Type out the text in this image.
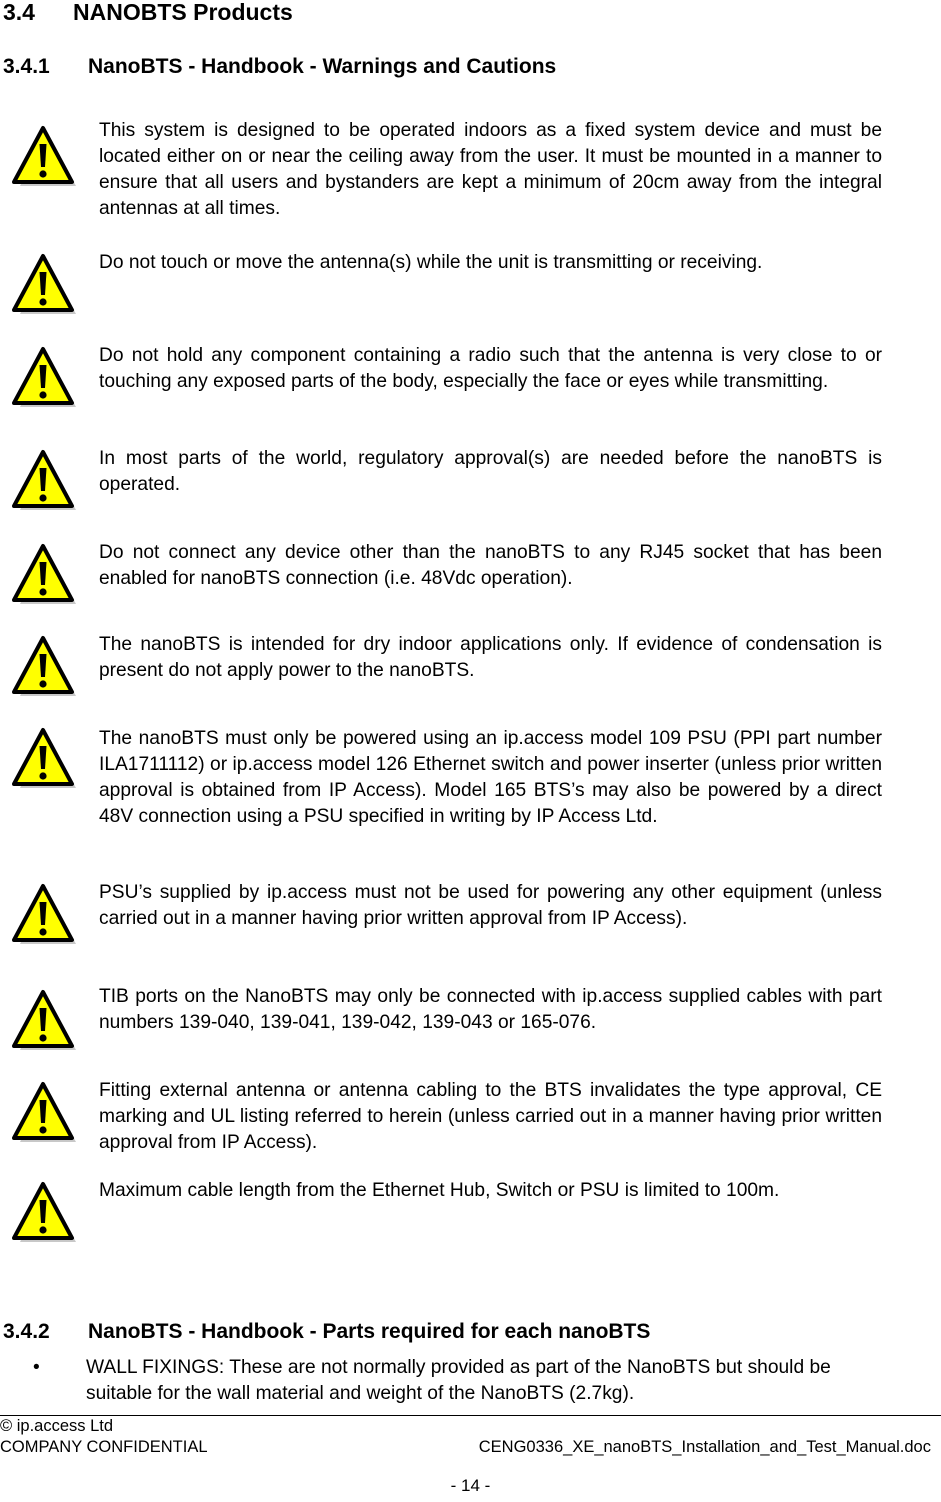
3.4 NANOBTS Products
3.4.1 NanoBTS - Handbook - Warnings and Cautions
This system is designed to be operated indoors as a fixed system device and must be located either on or near the ceiling away from the user. It must be mounted in a manner to ensure that all users and bystanders are kept a minimum of 20cm away from the integral antennas at all times.
Do not touch or move the antenna(s) while the unit is transmitting or receiving.
Do not hold any component containing a radio such that the antenna is very close to or touching any exposed parts of the body, especially the face or eyes while transmitting.
In most parts of the world, regulatory approval(s) are needed before the nanoBTS is operated.
Do not connect any device other than the nanoBTS to any RJ45 socket that has been enabled for nanoBTS connection (i.e. 48Vdc operation).
The nanoBTS is intended for dry indoor applications only. If evidence of condensation is present do not apply power to the nanoBTS.
The nanoBTS must only be powered using an ip.access model 109 PSU (PPI part number ILA1711112) or ip.access model 126 Ethernet switch and power inserter (unless prior written approval is obtained from IP Access). Model 165 BTS’s may also be powered by a direct 48V connection using a PSU specified in writing by IP Access Ltd.
PSU’s supplied by ip.access must not be used for powering any other equipment (unless carried out in a manner having prior written approval from IP Access).
TIB ports on the NanoBTS may only be connected with ip.access supplied cables with part numbers 139-040, 139-041, 139-042, 139-043 or 165-076.
Fitting external antenna or antenna cabling to the BTS invalidates the type approval, CE marking and UL listing referred to herein (unless carried out in a manner having prior written approval from IP Access).
Maximum cable length from the Ethernet Hub, Switch or PSU is limited to 100m.
3.4.2 NanoBTS - Handbook - Parts required for each nanoBTS
• WALL FIXINGS: These are not normally provided as part of the NanoBTS but should be suitable for the wall material and weight of the NanoBTS (2.7kg).
© ip.access Ltd
COMPANY CONFIDENTIAL	CENG0336_XE_nanoBTS_Installation_and_Test_Manual.doc
- 14 -
